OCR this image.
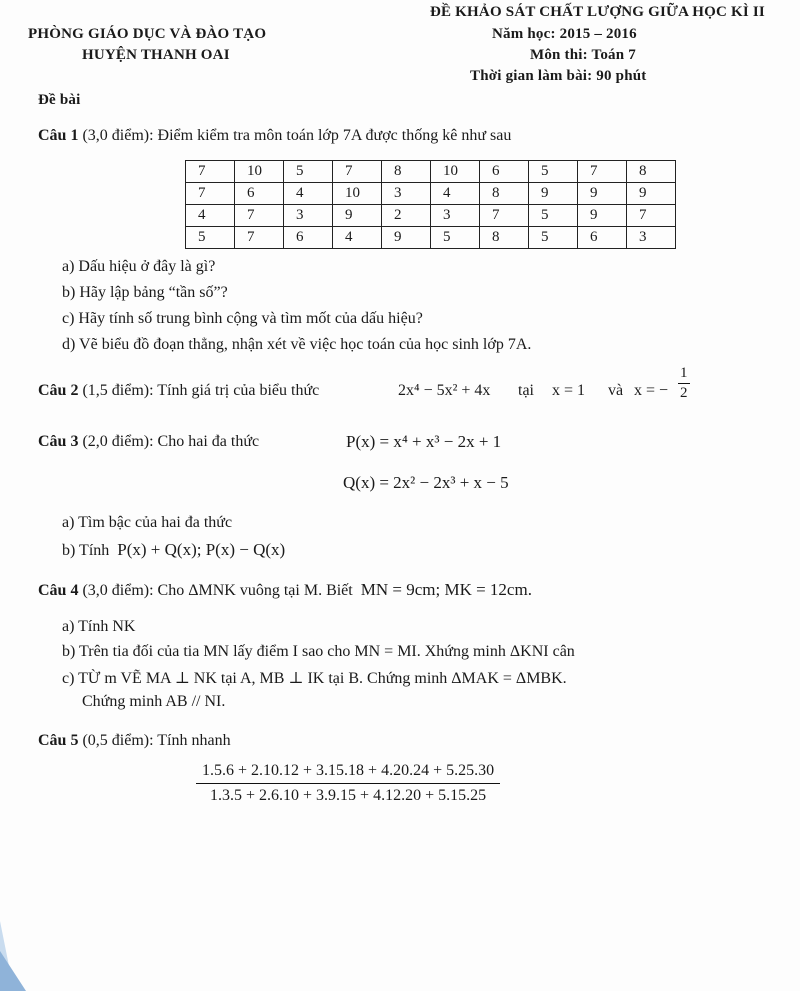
ĐỀ KHẢO SÁT CHẤT LƯỢNG GIỮA HỌC KÌ II
PHÒNG GIÁO DỤC VÀ ĐÀO TẠO
HUYỆN THANH OAI
Năm học: 2015 – 2016
Môn thi: Toán 7
Thời gian làm bài: 90 phút
Đề bài
Câu 1 (3,0 điểm): Điểm kiểm tra môn toán lớp 7A được thống kê như sau
7	10	5	7	8	10	6	5	7	8
7	6	4	10	3	4	8	9	9	9
4	7	3	9	2	3	7	5	9	7
5	7	6	4	9	5	8	5	6	3
a) Dấu hiệu ở đây là gì?
b) Hãy lập bảng “tần số”?
c) Hãy tính số trung bình cộng và tìm mốt của dấu hiệu?
d) Vẽ biểu đồ đoạn thẳng, nhận xét về việc học toán của học sinh lớp 7A.
Câu 2 (1,5 điểm): Tính giá trị của biểu thức	2x⁴ − 5x² + 4x tại x = 1 và x = − $\frac{1}{2}$
Câu 3 (2,0 điểm): Cho hai đa thức	P(x) = x⁴ + x³ − 2x + 1
Q(x) = 2x² − 2x³ + x − 5
a) Tìm bậc của hai đa thức
b) Tính P(x) + Q(x); P(x) − Q(x)
Câu 4 (3,0 điểm): Cho ΔMNK vuông tại M. Biết MN = 9cm; MK = 12cm.
a) Tính NK
b) Trên tia đối của tia MN lấy điểm I sao cho MN = MI. Xhứng minh ΔKNI cân
c) TỪ m VẼ MA ⊥ NK tại A, MB ⊥ IK tại B. Chứng minh ΔMAK = ΔMBK.
Chứng minh AB // NI.
Câu 5 (0,5 điểm): Tính nhanh
$\frac{1.5.6 + 2.10.12 + 3.15.18 + 4.20.24 + 5.25.30}{1.3.5 + 2.6.10 + 3.9.15 + 4.12.20 + 5.15.25}$
